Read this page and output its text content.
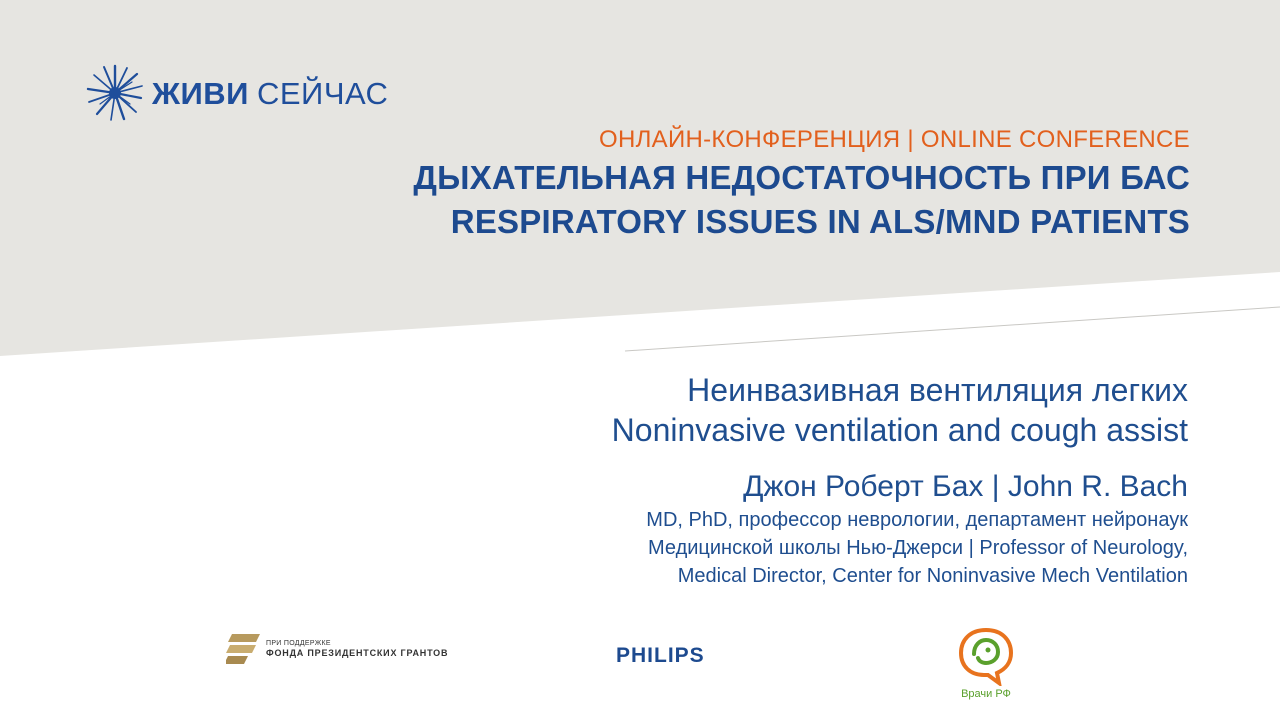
ЖИВИ СЕЙЧАС
ОНЛАЙН-КОНФЕРЕНЦИЯ | ONLINE CONFERENCE
ДЫХАТЕЛЬНАЯ НЕДОСТАТОЧНОСТЬ ПРИ БАС
RESPIRATORY ISSUES IN ALS/MND PATIENTS
Неинвазивная вентиляция легких
Noninvasive ventilation and cough assist
Джон Роберт Бах | John R. Bach
MD, PhD, профессор неврологии, департамент нейронаук
Медицинской школы Нью-Джерси | Professor of Neurology,
Medical Director, Center for Noninvasive Mech Ventilation
ПРИ ПОДДЕРЖКЕ
ФОНДА ПРЕЗИДЕНТСКИХ ГРАНТОВ	PHILIPS
Врачи РФ
